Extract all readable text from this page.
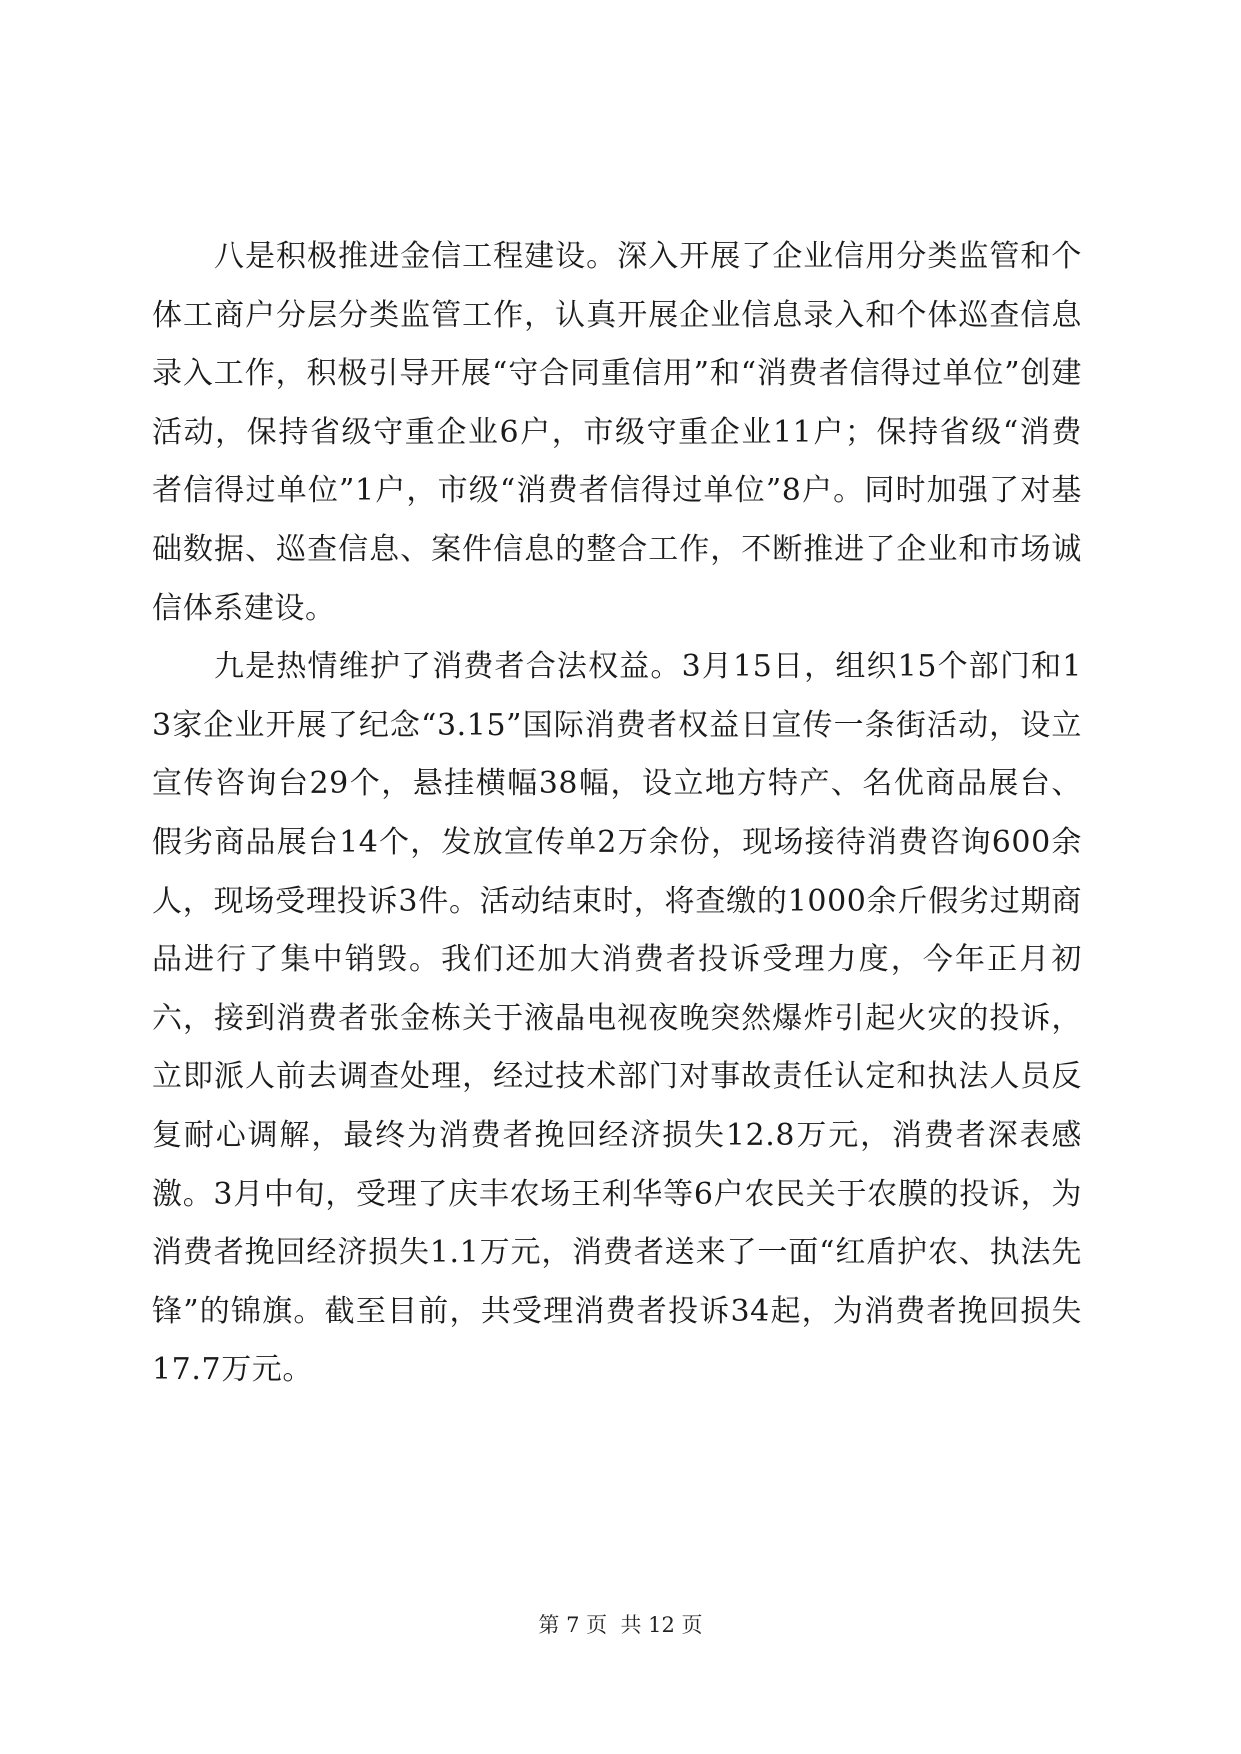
八是积极推进金信工程建设。深入开展了企业信用分类监管和个体工商户分层分类监管工作，认真开展企业信息录入和个体巡查信息录入工作，积极引导开展“守合同重信用”和“消费者信得过单位”创建活动，保持省级守重企业6户，市级守重企业11户；保持省级“消费者信得过单位”1户，市级“消费者信得过单位”8户。同时加强了对基础数据、巡查信息、案件信息的整合工作，不断推进了企业和市场诚信体系建设。

九是热情维护了消费者合法权益。3月15日，组织15个部门和13家企业开展了纪念“3.15”国际消费者权益日宣传一条街活动，设立宣传咨询台29个，悬挂横幅38幅，设立地方特产、名优商品展台、假劣商品展台14个，发放宣传单2万余份，现场接待消费咨询600余人，现场受理投诉3件。活动结束时，将查缴的1000余斤假劣过期商品进行了集中销毁。我们还加大消费者投诉受理力度，今年正月初六，接到消费者张金栋关于液晶电视夜晚突然爆炸引起火灾的投诉，立即派人前去调查处理，经过技术部门对事故责任认定和执法人员反复耐心调解，最终为消费者挽回经济损失12.8万元，消费者深表感激。3月中旬，受理了庆丰农场王利华等6户农民关于农膜的投诉，为消费者挽回经济损失1.1万元，消费者送来了一面“红盾护农、执法先锋”的锦旗。截至目前，共受理消费者投诉34起，为消费者挽回损失17.7万元。

第 7 页  共 12 页
